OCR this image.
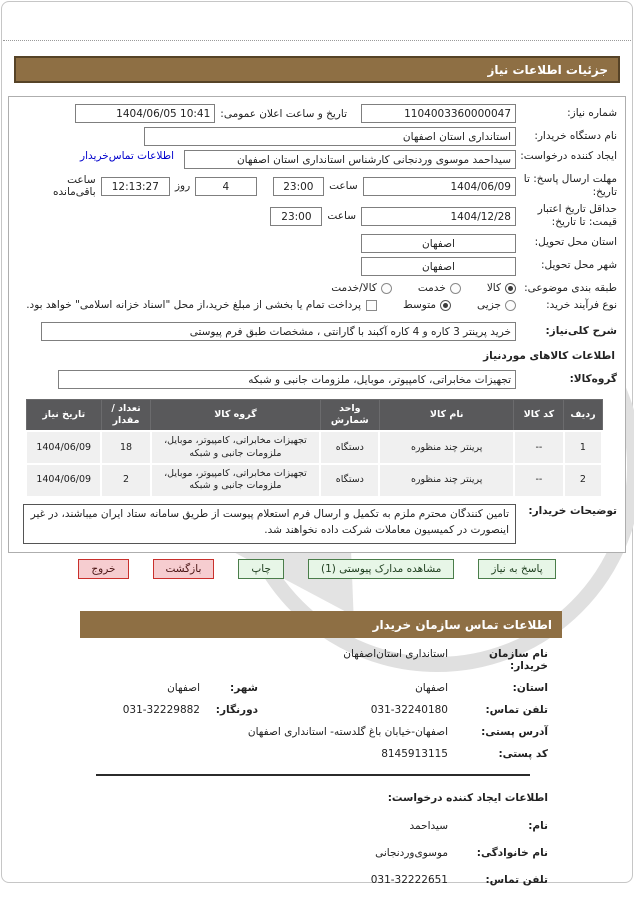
جزئیات اطلاعات نیاز
شماره نیاز:
1104003360000047
تاریخ و ساعت اعلان عمومی:
1404/06/05 10:41
نام دستگاه خریدار:
استانداری استان اصفهان
ایجاد کننده درخواست:
سیداحمد موسوی وردنجانی کارشناس استانداری استان اصفهان
اطلاعات تماس‌خریدار
مهلت ارسال پاسخ: تا تاریخ:
1404/06/09
ساعت
23:00
4
روز
12:13:27
ساعت باقی‌مانده
حداقل تاریخ اعتبار قیمت: تا تاریخ:
1404/12/28
ساعت
23:00
استان محل تحویل:
اصفهان
شهر محل تحویل:
اصفهان
طبقه بندی موضوعی:
کالا
خدمت
کالا/خدمت
نوع فرآیند خرید:
جزیی
متوسط
پرداخت تمام یا بخشی از مبلغ خرید،از محل "اسناد خزانه اسلامی" خواهد بود.
شرح کلی‌نیاز:
خرید پرینتر 3 کاره و 4 کاره آکبند با گارانتی ، مشخصات طبق فرم پیوستی
اطلاعات کالاهای موردنیاز
گروه‌کالا:
تجهیزات مخابراتی، کامپیوتر، موبایل، ملزومات جانبی و شبکه
ردیف	کد کالا	نام کالا	واحد شمارش	گروه کالا	تعداد / مقدار	تاریخ نیاز
1	--	پرینتر چند منظوره	دستگاه	تجهیزات مخابراتی، کامپیوتر، موبایل، ملزومات جانبی و شبکه	18	1404/06/09
2	--	پرینتر چند منظوره	دستگاه	تجهیزات مخابراتی، کامپیوتر، موبایل، ملزومات جانبی و شبکه	2	1404/06/09
توضیحات خریدار:
تامین کنندگان محترم ملزم به تکمیل و ارسال فرم استعلام پیوست از طریق سامانه ستاد ایران میباشند، در غیر اینصورت در کمیسیون معاملات شرکت داده نخواهند شد.
پاسخ به نیاز
مشاهده مدارک پیوستی (1)
چاپ
بازگشت
خروج
اطلاعات تماس سازمان خریدار
نام سازمان خریدار:
استانداری استان‌اصفهان
استان:
اصفهان
شهر:
اصفهان
تلفن تماس:
031-32240180
دورنگار:
031-32229882
آدرس پستی:
اصفهان-خیابان باغ گلدسته- استانداری اصفهان
کد پستی:
8145913115
اطلاعات ایجاد کننده درخواست:
نام:
سیداحمد
نام خانوادگی:
موسوی‌وردنجانی
تلفن تماس:
031-32222651
